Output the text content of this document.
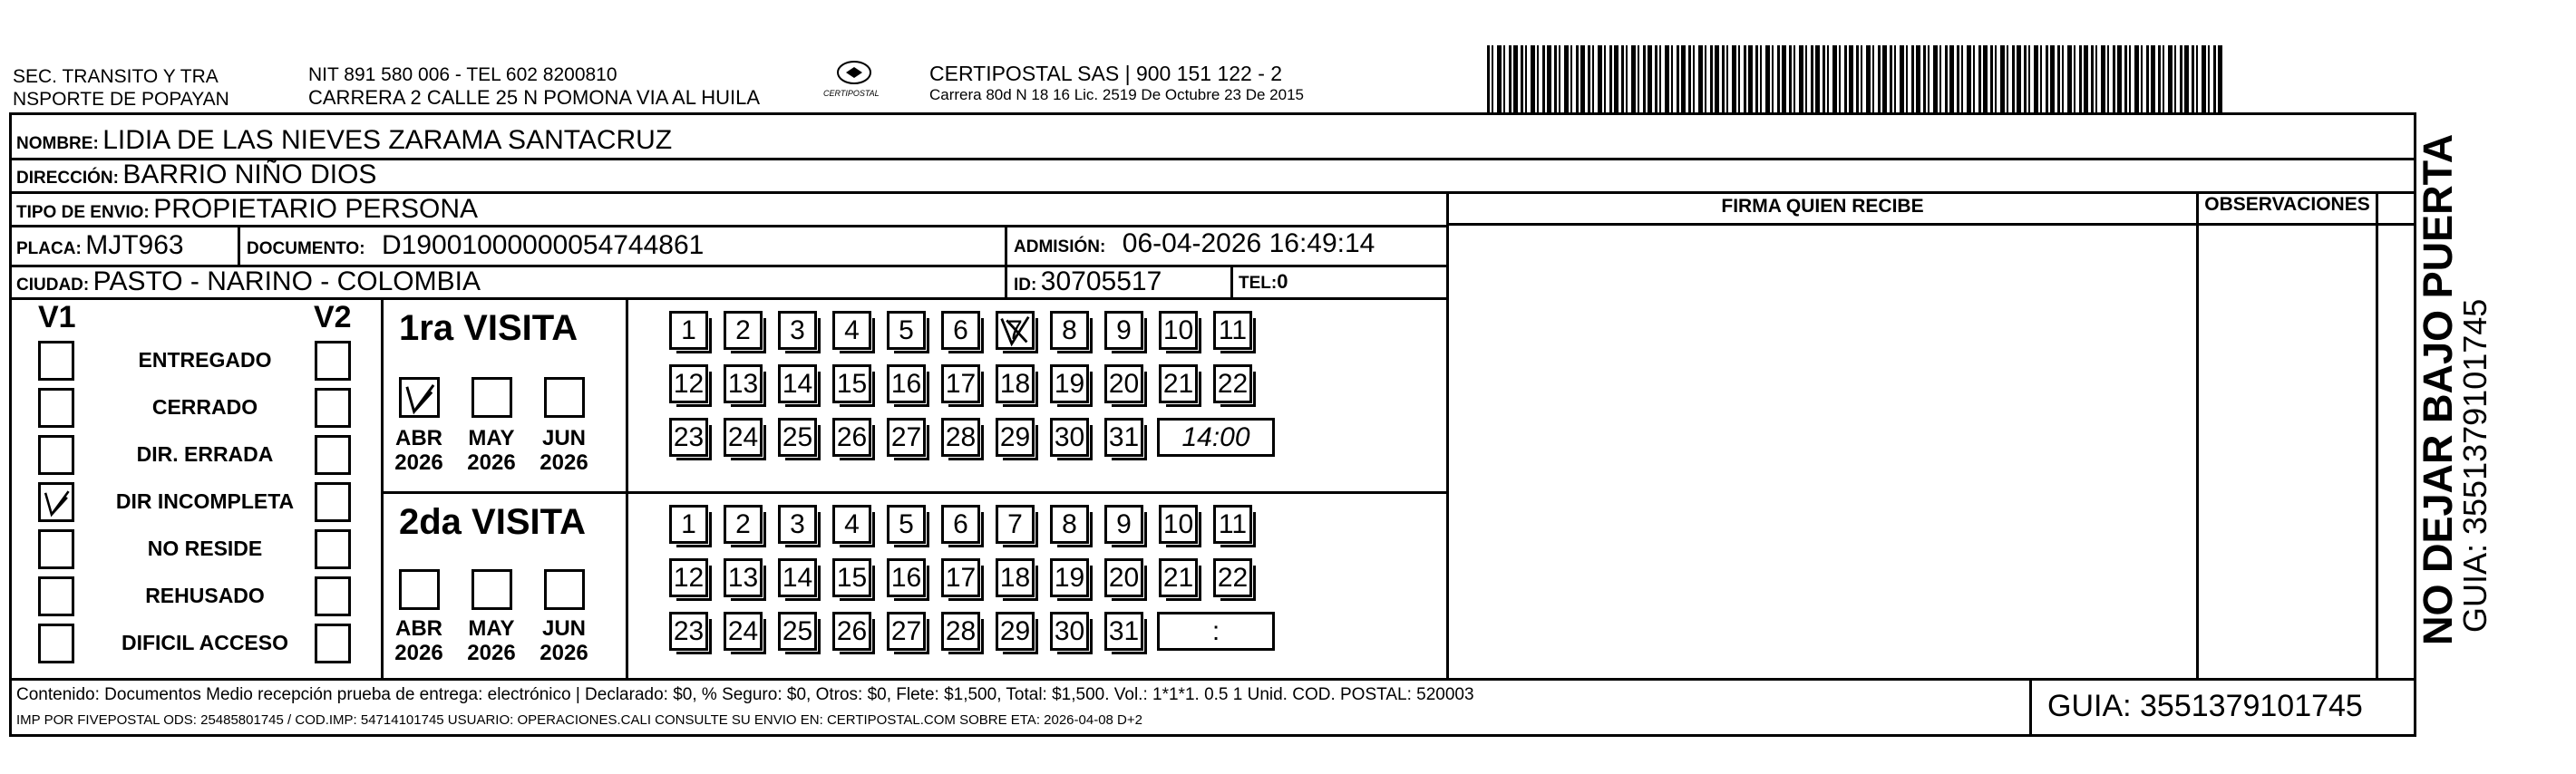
SEC. TRANSITO Y TRA
NSPORTE DE POPAYAN
NIT 891 580 006 - TEL 602 8200810
CARRERA 2 CALLE 25 N POMONA VIA AL HUILA	CERTIPOSTAL
CERTIPOSTAL SAS | 900 151 122 - 2
Carrera 80d N 18 16 Lic. 2519 De Octubre 23 De 2015
NOMBRE: LIDIA DE LAS NIEVES ZARAMA SANTACRUZ
DIRECCIÓN: BARRIO NIÑO DIOS
TIPO DE ENVIO: PROPIETARIO PERSONA	FIRMA QUIEN RECIBE	OBSERVACIONES
PLACA: MJT963	DOCUMENTO: D19001000000054744861	ADMISIÓN: 06-04-2026 16:49:14
CIUDAD: PASTO - NARINO - COLOMBIA	ID: 30705517	TEL:0
V1	V2
ENTREGADO
CERRADO
DIR. ERRADA
DIR INCOMPLETA
NO RESIDE
REHUSADO
DIFICIL ACCESO
1ra VISITA
ABR
2026
MAY
2026
JUN
2026
1	2	3	4	5	6	7	8	9	10 11
12 13 14 15 16 17 18 19 20 21 22
23 24 25 26 27 28 29 30 31	14:00
2da VISITA
ABR
2026
MAY
2026
JUN
2026
1	2	3	4	5	6	7	8	9	10 11
12 13 14 15 16 17 18 19 20 21 22
23 24 25 26 27 28 29 30 31	:
Contenido: Documentos Medio recepción prueba de entrega: electrónico | Declarado: $0, % Seguro: $0, Otros: $0, Flete: $1,500, Total: $1,500. Vol.: 1*1*1. 0.5 1 Unid. COD. POSTAL: 520003
IMP POR FIVEPOSTAL ODS: 25485801745 / COD.IMP: 54714101745 USUARIO: OPERACIONES.CALI CONSULTE SU ENVIO EN: CERTIPOSTAL.COM SOBRE ETA: 2026-04-08 D+2	GUIA: 3551379101745
NO DEJAR BAJO PUERTA
GUIA: 3551379101745
